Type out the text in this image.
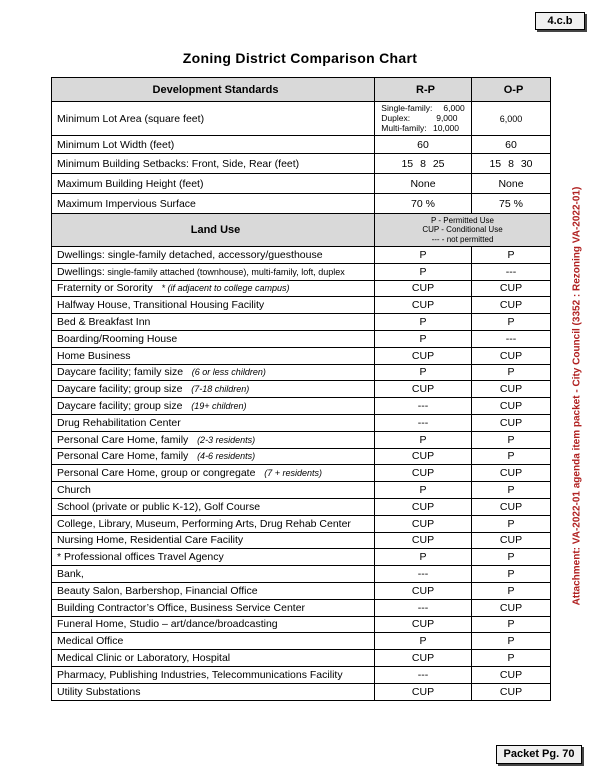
4.c.b
Zoning District Comparison Chart
Attachment: VA-2022-01 agenda item packet - City Council (3352 : Rezoning VA-2022-01)
Development Standards	R-P	O-P
Minimum Lot Area (square feet)	Single-family: 6,000
Duplex: 9,000
Multi-family: 10,000	6,000
Minimum Lot Width (feet)	60	60
Minimum Building Setbacks: Front, Side, Rear (feet)	15 8 25	15 8 30
Maximum Building Height (feet)	None	None
Maximum Impervious Surface	70 %	75 %
Land Use	P - Permitted Use
CUP - Conditional Use
--- - not permitted	

Dwellings: single-family detached, accessory/guesthouse	P	P
Dwellings: single-family attached (townhouse), multi-family, loft, duplex	P	---
Fraternity or Sorority * (if adjacent to college campus)	CUP	CUP
Halfway House, Transitional Housing Facility	CUP	CUP
Bed & Breakfast Inn	P	P
Boarding/Rooming House	P	---
Home Business	CUP	CUP
Daycare facility; family size (6 or less children)	P	P
Daycare facility; group size (7-18 children)	CUP	CUP
Daycare facility; group size (19+ children)	---	CUP
Drug Rehabilitation Center	---	CUP
Personal Care Home, family (2-3 residents)	P	P
Personal Care Home, family (4-6 residents)	CUP	P
Personal Care Home, group or congregate (7 + residents)	CUP	CUP
Church	P	P
School (private or public K-12), Golf Course	CUP	CUP
College, Library, Museum, Performing Arts, Drug Rehab Center	CUP	P
Nursing Home, Residential Care Facility	CUP	CUP
* Professional offices Travel Agency	P	P
Bank,	---	P
Beauty Salon, Barbershop, Financial Office	CUP	P
Building Contractor’s Office, Business Service Center	---	CUP
Funeral Home, Studio – art/dance/broadcasting	CUP	P
Medical Office	P	P
Medical Clinic or Laboratory, Hospital	CUP	P
Pharmacy, Publishing Industries, Telecommunications Facility	---	CUP
Utility Substations	CUP	CUP
Packet Pg. 70
